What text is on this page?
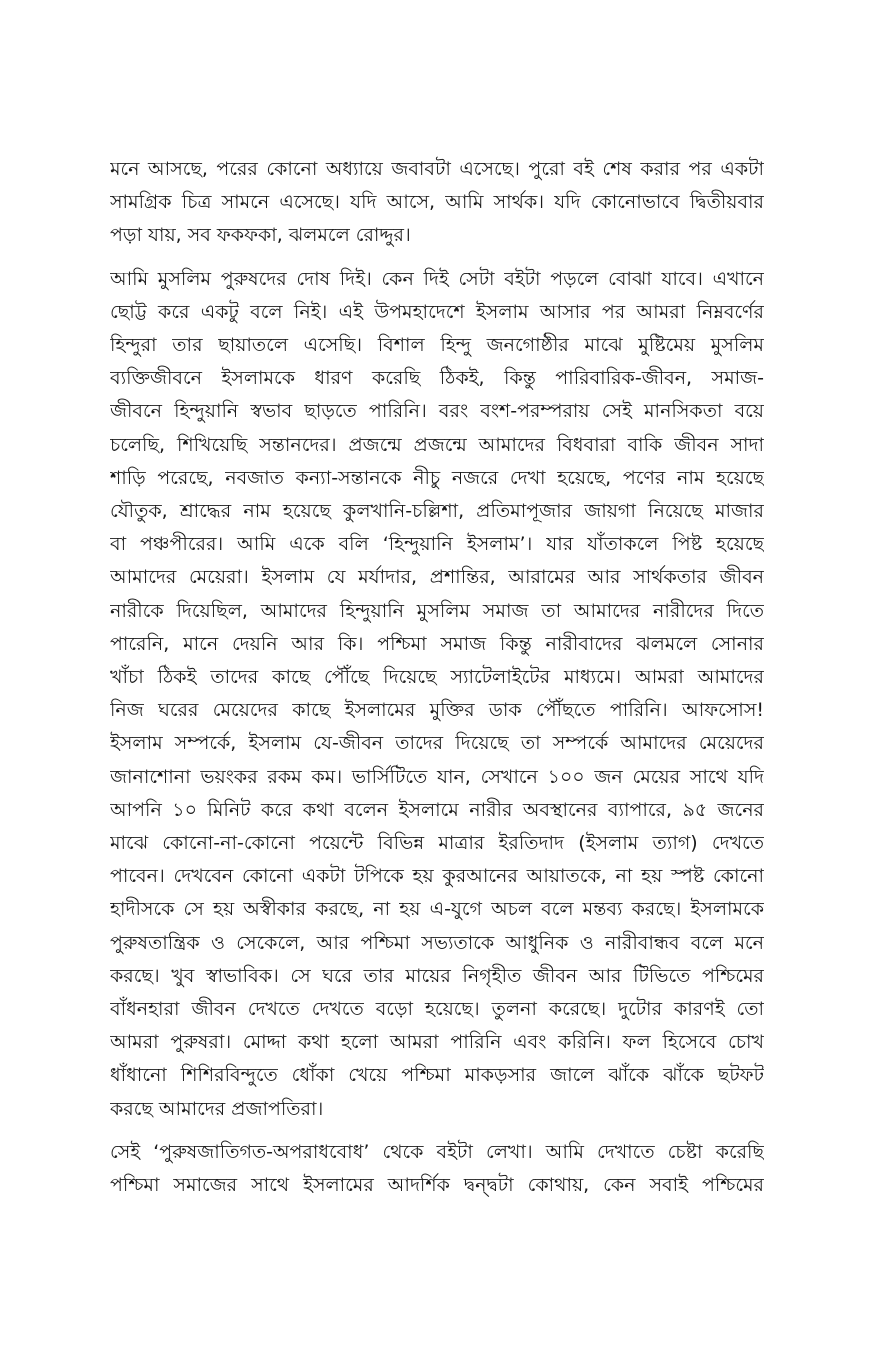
মনে আসছে, পরের কোনো অধ্যায়ে জবাবটা এসেছে। পুরো বই শেষ করার পর একটা
সামগ্রিক চিত্র সামনে এসেছে। যদি আসে, আমি সার্থক। যদি কোনোভাবে দ্বিতীয়বার
পড়া যায়, সব ফকফকা, ঝলমলে রোদ্দুর।
আমি মুসলিম পুরুষদের দোষ দিই। কেন দিই সেটা বইটা পড়লে বোঝা যাবে। এখানে
ছোট্ট করে একটু বলে নিই। এই উপমহাদেশে ইসলাম আসার পর আমরা নিম্নবর্ণের
হিন্দুরা তার ছায়াতলে এসেছি। বিশাল হিন্দু জনগোষ্ঠীর মাঝে মুষ্টিমেয় মুসলিম
ব্যক্তিজীবনে ইসলামকে ধারণ করেছি ঠিকই, কিন্তু পারিবারিক-জীবন, সমাজ-
জীবনে হিন্দুয়ানি স্বভাব ছাড়তে পারিনি। বরং বংশ-পরম্পরায় সেই মানসিকতা বয়ে
চলেছি, শিখিয়েছি সন্তানদের। প্রজন্মে প্রজন্মে আমাদের বিধবারা বাকি জীবন সাদা
শাড়ি পরেছে, নবজাত কন্যা-সন্তানকে নীচু নজরে দেখা হয়েছে, পণের নাম হয়েছে
যৌতুক, শ্রাদ্ধের নাম হয়েছে কুলখানি-চল্লিশা, প্রতিমাপূজার জায়গা নিয়েছে মাজার
বা পঞ্চপীরের। আমি একে বলি ‘হিন্দুয়ানি ইসলাম’। যার যাঁতাকলে পিষ্ট হয়েছে
আমাদের মেয়েরা। ইসলাম যে মর্যাদার, প্রশান্তির, আরামের আর সার্থকতার জীবন
নারীকে দিয়েছিল, আমাদের হিন্দুয়ানি মুসলিম সমাজ তা আমাদের নারীদের দিতে
পারেনি, মানে দেয়নি আর কি। পশ্চিমা সমাজ কিন্তু নারীবাদের ঝলমলে সোনার
খাঁচা ঠিকই তাদের কাছে পৌঁছে দিয়েছে স্যাটেলাইটের মাধ্যমে। আমরা আমাদের
নিজ ঘরের মেয়েদের কাছে ইসলামের মুক্তির ডাক পৌঁছতে পারিনি। আফসোস!
ইসলাম সম্পর্কে, ইসলাম যে-জীবন তাদের দিয়েছে তা সম্পর্কে আমাদের মেয়েদের
জানাশোনা ভয়ংকর রকম কম। ভার্সিটিতে যান, সেখানে ১০০ জন মেয়ের সাথে যদি
আপনি ১০ মিনিট করে কথা বলেন ইসলামে নারীর অবস্থানের ব্যাপারে, ৯৫ জনের
মাঝে কোনো-না-কোনো পয়েন্টে বিভিন্ন মাত্রার ইরতিদাদ (ইসলাম ত্যাগ) দেখতে
পাবেন। দেখবেন কোনো একটা টপিকে হয় কুরআনের আয়াতকে, না হয় স্পষ্ট কোনো
হাদীসকে সে হয় অস্বীকার করছে, না হয় এ-যুগে অচল বলে মন্তব্য করছে। ইসলামকে
পুরুষতান্ত্রিক ও সেকেলে, আর পশ্চিমা সভ্যতাকে আধুনিক ও নারীবান্ধব বলে মনে
করছে। খুব স্বাভাবিক। সে ঘরে তার মায়ের নিগৃহীত জীবন আর টিভিতে পশ্চিমের
বাঁধনহারা জীবন দেখতে দেখতে বড়ো হয়েছে। তুলনা করেছে। দুটোর কারণই তো
আমরা পুরুষরা। মোদ্দা কথা হলো আমরা পারিনি এবং করিনি। ফল হিসেবে চোখ
ধাঁধানো শিশিরবিন্দুতে ধোঁকা খেয়ে পশ্চিমা মাকড়সার জালে ঝাঁকে ঝাঁকে ছটফট
করছে আমাদের প্রজাপতিরা।
সেই ‘পুরুষজাতিগত-অপরাধবোধ’ থেকে বইটা লেখা। আমি দেখাতে চেষ্টা করেছি
পশ্চিমা সমাজের সাথে ইসলামের আদর্শিক দ্বন্দ্বটা কোথায়, কেন সবাই পশ্চিমের
